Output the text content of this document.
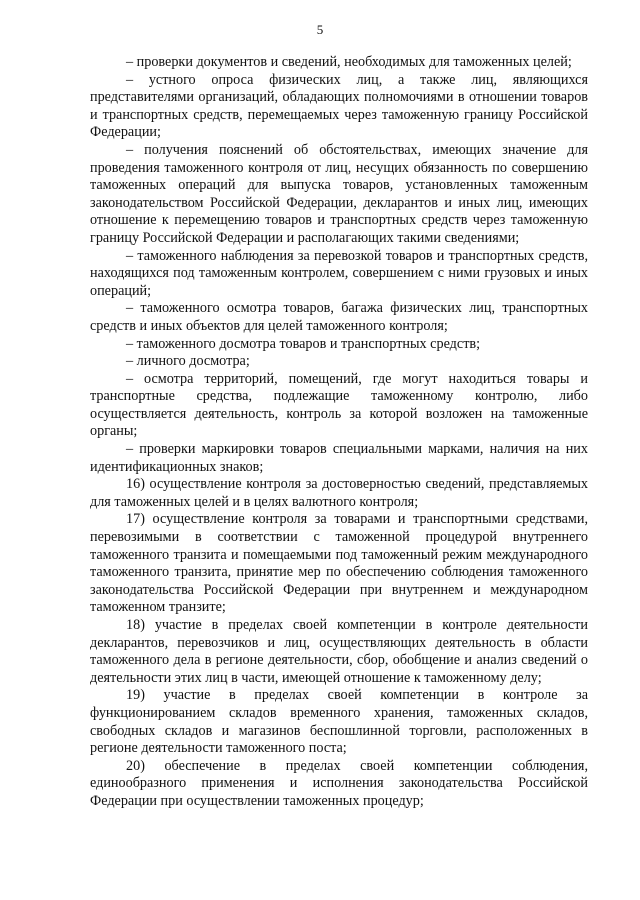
5

– проверки документов и сведений, необходимых для таможенных целей;

– устного опроса физических лиц, а также лиц, являющихся представителями организаций, обладающих полномочиями в отношении товаров и транспортных средств, перемещаемых через таможенную границу Российской Федерации;

– получения пояснений об обстоятельствах, имеющих значение для проведения таможенного контроля от лиц, несущих обязанность по совершению таможенных операций для выпуска товаров, установленных таможенным законодательством Российской Федерации, декларантов и иных лиц, имеющих отношение к перемещению товаров и транспортных средств через таможенную границу Российской Федерации и располагающих такими сведениями;

– таможенного наблюдения за перевозкой товаров и транспортных средств, находящихся под таможенным контролем, совершением с ними грузовых и иных операций;

– таможенного осмотра товаров, багажа физических лиц, транспортных средств и иных объектов для целей таможенного контроля;

– таможенного досмотра товаров и транспортных средств;

– личного досмотра;

– осмотра территорий, помещений, где могут находиться товары и транспортные средства, подлежащие таможенному контролю, либо осуществляется деятельность, контроль за которой возложен на таможенные органы;

– проверки маркировки товаров специальными марками, наличия на них идентификационных знаков;

16) осуществление контроля за достоверностью сведений, представляемых для таможенных целей и в целях валютного контроля;

17) осуществление контроля за товарами и транспортными средствами, перевозимыми в соответствии с таможенной процедурой внутреннего таможенного транзита и помещаемыми под таможенный режим международного таможенного транзита, принятие мер по обеспечению соблюдения таможенного законодательства Российской Федерации при внутреннем и международном таможенном транзите;

18) участие в пределах своей компетенции в контроле деятельности декларантов, перевозчиков и лиц, осуществляющих деятельность в области таможенного дела в регионе деятельности, сбор, обобщение и анализ сведений о деятельности этих лиц в части, имеющей отношение к таможенному делу;

19) участие в пределах своей компетенции в контроле за функционированием складов временного хранения, таможенных складов, свободных складов и магазинов беспошлинной торговли, расположенных в регионе деятельности таможенного поста;

20) обеспечение в пределах своей компетенции соблюдения, единообразного применения и исполнения законодательства Российской Федерации при осуществлении таможенных процедур;
